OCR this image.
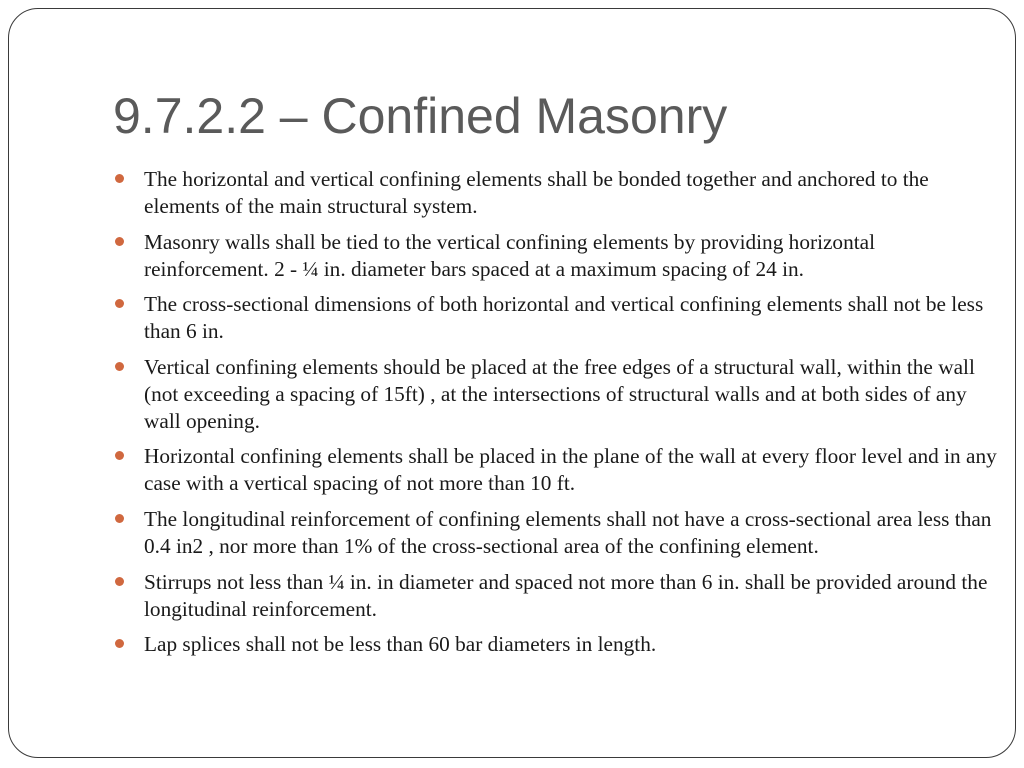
9.7.2.2 – Confined Masonry
The horizontal and vertical confining elements shall be bonded together and anchored to the elements of the main structural system.
Masonry walls shall be tied to the vertical confining elements by providing horizontal reinforcement. 2 - ¼ in. diameter bars spaced at a maximum spacing of 24 in.
The cross-sectional dimensions of both horizontal and vertical confining elements shall not be less than 6 in.
Vertical confining elements should be placed at the free edges of a structural wall, within the wall (not exceeding a spacing of 15ft) , at the intersections of structural walls and at both sides of any wall opening.
Horizontal confining elements shall be placed in the plane of the wall at every floor level and in any case with a vertical spacing of not more than 10 ft.
The longitudinal reinforcement of confining elements shall not have a cross-sectional area less than 0.4 in2 , nor more than 1% of the cross-sectional area of the confining element.
Stirrups not less than ¼ in. in diameter and spaced not more than 6 in. shall be provided around the longitudinal reinforcement.
Lap splices shall not be less than 60 bar diameters in length.
